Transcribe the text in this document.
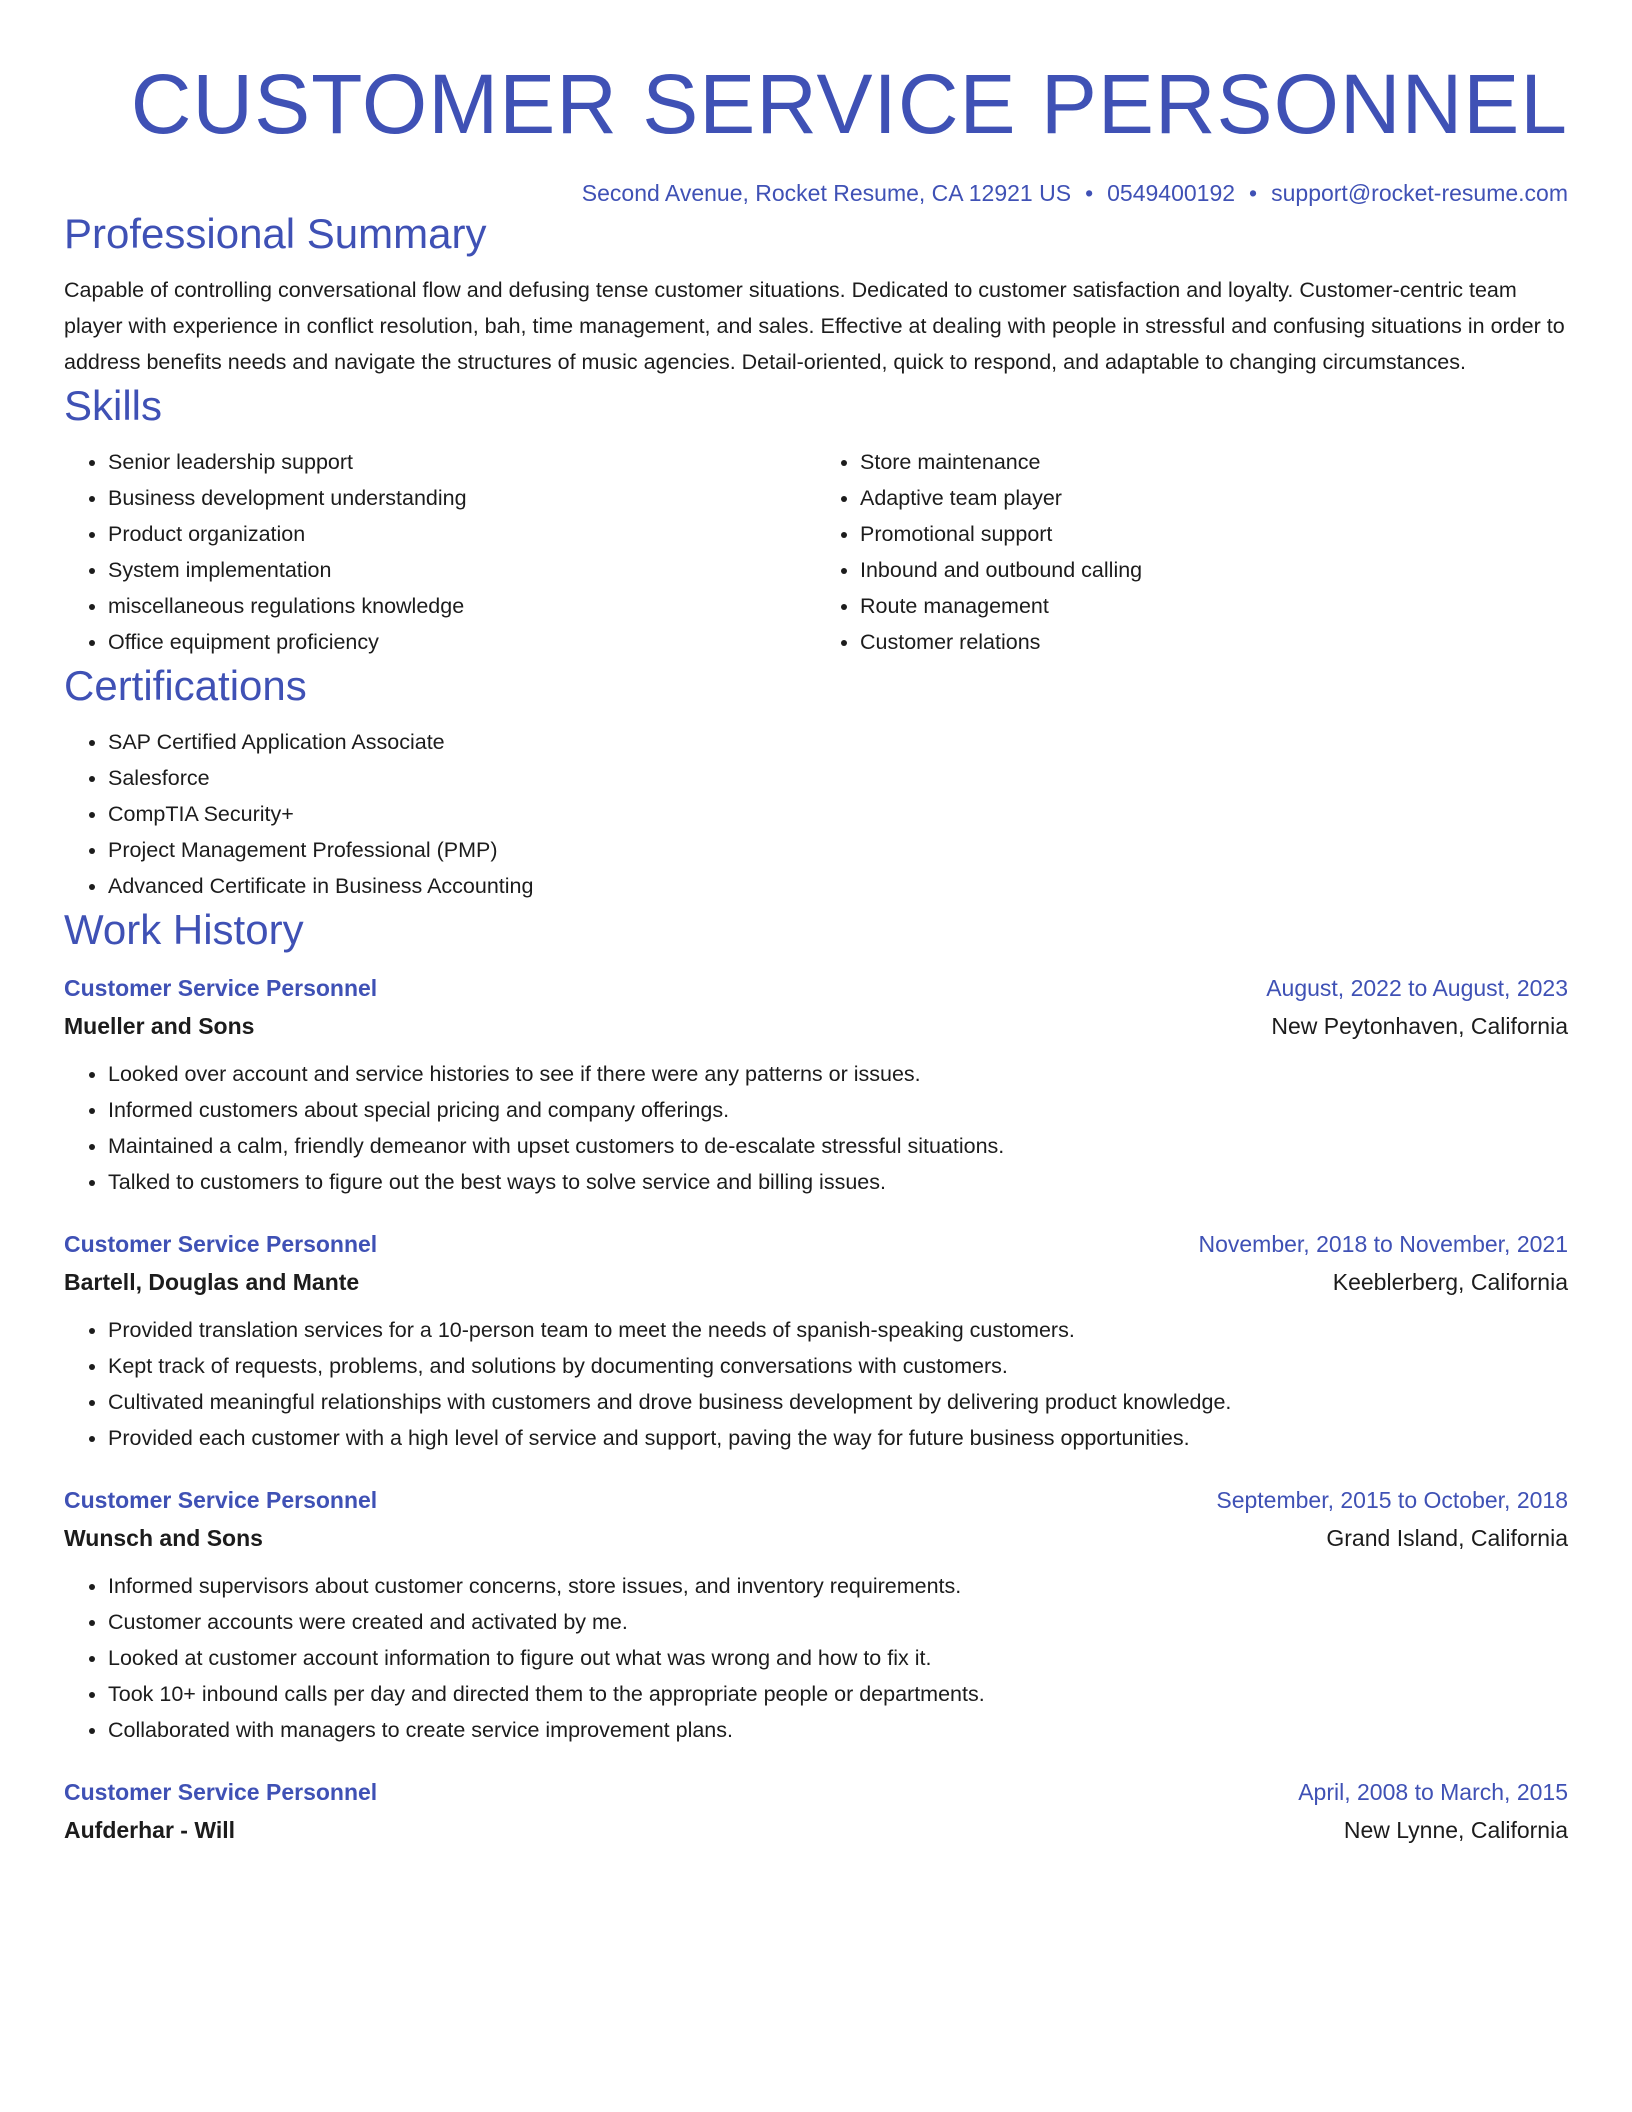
CUSTOMER SERVICE PERSONNEL
Second Avenue, Rocket Resume, CA 12921 US • 0549400192 • support@rocket-resume.com
Professional Summary

Capable of controlling conversational flow and defusing tense customer situations. Dedicated to customer satisfaction and loyalty. Customer-centric team player with experience in conflict resolution, bah, time management, and sales. Effective at dealing with people in stressful and confusing situations in order to address benefits needs and navigate the structures of music agencies. Detail-oriented, quick to respond, and adaptable to changing circumstances.

Skills
• Senior leadership support
• Business development understanding
• Product organization
• System implementation
• miscellaneous regulations knowledge
• Office equipment proficiency
• Store maintenance
• Adaptive team player
• Promotional support
• Inbound and outbound calling
• Route management
• Customer relations
Certifications
• SAP Certified Application Associate
• Salesforce
• CompTIA Security+
• Project Management Professional (PMP)
• Advanced Certificate in Business Accounting
Work History
Customer Service Personnel	August, 2022 to August, 2023
Mueller and Sons	New Peytonhaven, California
• Looked over account and service histories to see if there were any patterns or issues.
• Informed customers about special pricing and company offerings.
• Maintained a calm, friendly demeanor with upset customers to de-escalate stressful situations.
• Talked to customers to figure out the best ways to solve service and billing issues.
Customer Service Personnel	November, 2018 to November, 2021
Bartell, Douglas and Mante	Keeblerberg, California
• Provided translation services for a 10-person team to meet the needs of spanish-speaking customers.
• Kept track of requests, problems, and solutions by documenting conversations with customers.
• Cultivated meaningful relationships with customers and drove business development by delivering product knowledge.
• Provided each customer with a high level of service and support, paving the way for future business opportunities.
Customer Service Personnel	September, 2015 to October, 2018
Wunsch and Sons	Grand Island, California
• Informed supervisors about customer concerns, store issues, and inventory requirements.
• Customer accounts were created and activated by me.
• Looked at customer account information to figure out what was wrong and how to fix it.
• Took 10+ inbound calls per day and directed them to the appropriate people or departments.
• Collaborated with managers to create service improvement plans.
Customer Service Personnel	April, 2008 to March, 2015
Aufderhar - Will	New Lynne, California
